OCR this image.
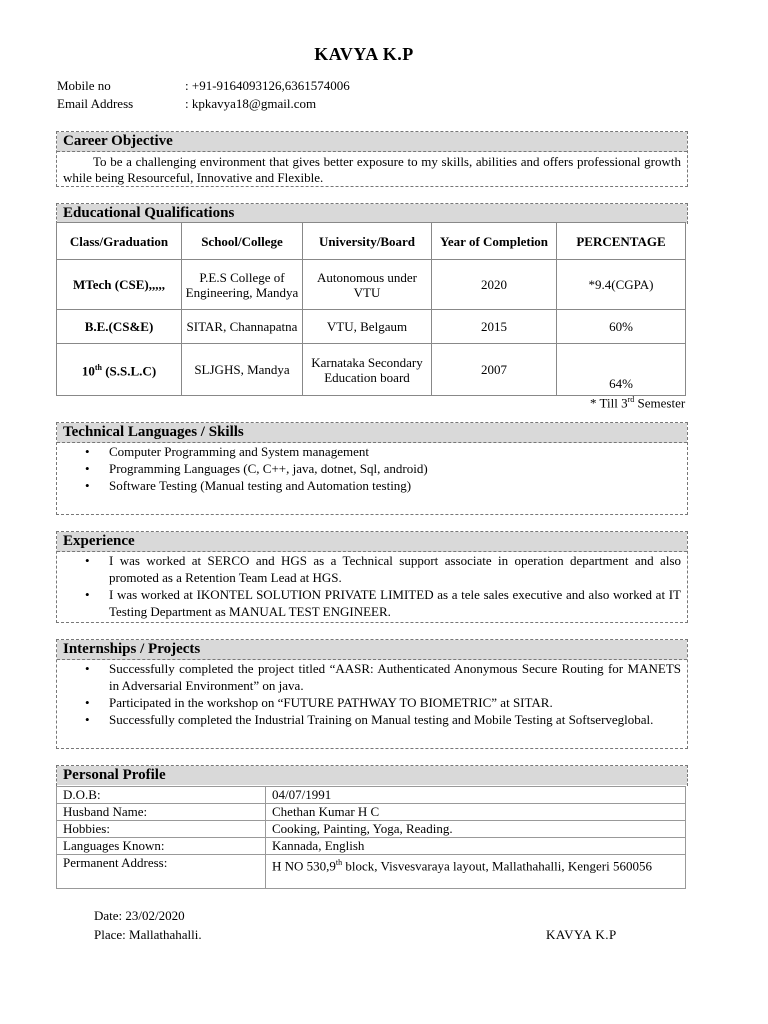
KAVYA K.P
Mobile no	: +91-9164093126,6361574006
Email Address	: kpkavya18@gmail.com
Career Objective
To be a challenging environment that gives better exposure to my skills, abilities and offers professional growth while being Resourceful, Innovative and Flexible.
Educational Qualifications
Class/Graduation	School/College	University/Board	Year of Completion	PERCENTAGE
MTech (CSE),,,,,	P.E.S College of Engineering, Mandya	Autonomous under VTU	2020	*9.4(CGPA)
B.E.(CS&E)	SITAR, Channapatna	VTU, Belgaum	2015	60%
10th (S.S.L.C)	SLJGHS, Mandya	Karnataka Secondary Education board	2007	64%
* Till 3rd Semester
Technical Languages / Skills
• Computer Programming and System management
• Programming Languages (C, C++, java, dotnet, Sql, android)
• Software Testing (Manual testing and Automation testing)
Experience
• I was worked at SERCO and HGS as a Technical support associate in operation department and also promoted as a Retention Team Lead at HGS.
• I was worked at IKONTEL SOLUTION PRIVATE LIMITED as a tele sales executive and also worked at IT Testing Department as MANUAL TEST ENGINEER.
Internships / Projects
• Successfully completed the project titled “AASR: Authenticated Anonymous Secure Routing for MANETS in Adversarial Environment” on java.
• Participated in the workshop on “FUTURE PATHWAY TO BIOMETRIC” at SITAR.
• Successfully completed the Industrial Training on Manual testing and Mobile Testing at Softserveglobal.
Personal Profile
D.O.B:	04/07/1991
Husband Name:	Chethan Kumar H C
Hobbies:	Cooking, Painting, Yoga, Reading.
Languages Known:	Kannada, English
Permanent Address:	H NO 530,9th block, Visvesvaraya layout, Mallathahalli, Kengeri 560056
Date: 23/02/2020
Place: Mallathahalli.	KAVYA K.P
